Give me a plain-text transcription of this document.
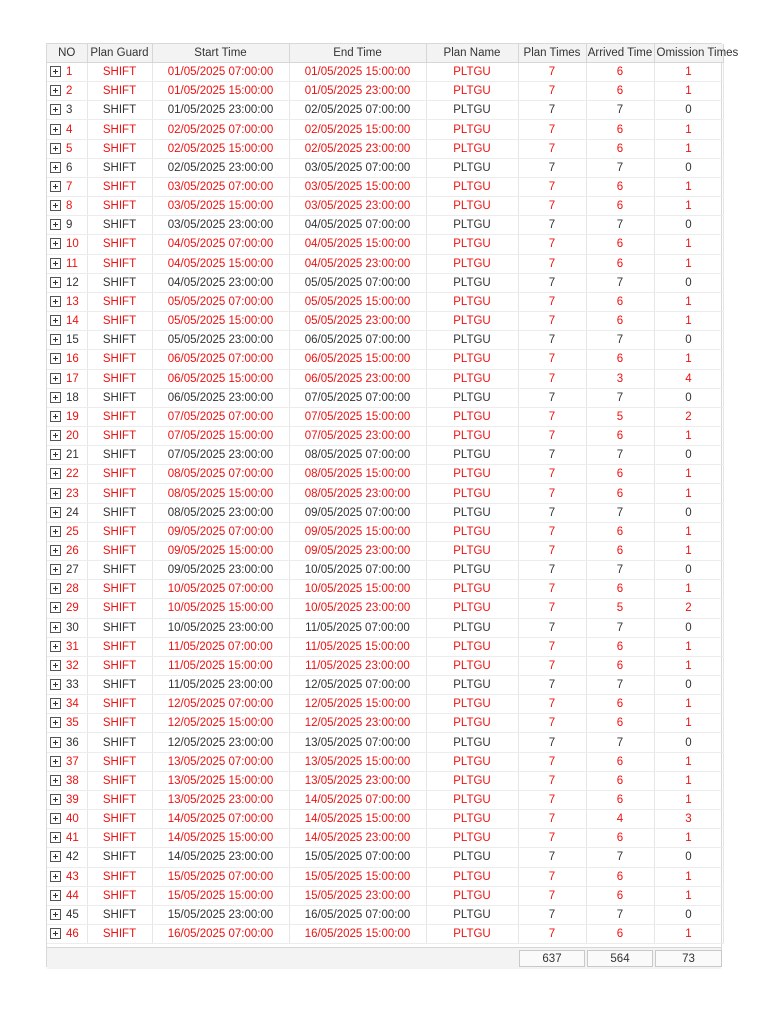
NO	Plan Guard	Start Time	End Time	Plan Name	Plan Times	Arrived Time	Omission Times
1	SHIFT	01/05/2025 07:00:00	01/05/2025 15:00:00	PLTGU	7	6	1
2	SHIFT	01/05/2025 15:00:00	01/05/2025 23:00:00	PLTGU	7	6	1
3	SHIFT	01/05/2025 23:00:00	02/05/2025 07:00:00	PLTGU	7	7	0
4	SHIFT	02/05/2025 07:00:00	02/05/2025 15:00:00	PLTGU	7	6	1
5	SHIFT	02/05/2025 15:00:00	02/05/2025 23:00:00	PLTGU	7	6	1
6	SHIFT	02/05/2025 23:00:00	03/05/2025 07:00:00	PLTGU	7	7	0
7	SHIFT	03/05/2025 07:00:00	03/05/2025 15:00:00	PLTGU	7	6	1
8	SHIFT	03/05/2025 15:00:00	03/05/2025 23:00:00	PLTGU	7	6	1
9	SHIFT	03/05/2025 23:00:00	04/05/2025 07:00:00	PLTGU	7	7	0
10	SHIFT	04/05/2025 07:00:00	04/05/2025 15:00:00	PLTGU	7	6	1
11	SHIFT	04/05/2025 15:00:00	04/05/2025 23:00:00	PLTGU	7	6	1
12	SHIFT	04/05/2025 23:00:00	05/05/2025 07:00:00	PLTGU	7	7	0
13	SHIFT	05/05/2025 07:00:00	05/05/2025 15:00:00	PLTGU	7	6	1
14	SHIFT	05/05/2025 15:00:00	05/05/2025 23:00:00	PLTGU	7	6	1
15	SHIFT	05/05/2025 23:00:00	06/05/2025 07:00:00	PLTGU	7	7	0
16	SHIFT	06/05/2025 07:00:00	06/05/2025 15:00:00	PLTGU	7	6	1
17	SHIFT	06/05/2025 15:00:00	06/05/2025 23:00:00	PLTGU	7	3	4
18	SHIFT	06/05/2025 23:00:00	07/05/2025 07:00:00	PLTGU	7	7	0
19	SHIFT	07/05/2025 07:00:00	07/05/2025 15:00:00	PLTGU	7	5	2
20	SHIFT	07/05/2025 15:00:00	07/05/2025 23:00:00	PLTGU	7	6	1
21	SHIFT	07/05/2025 23:00:00	08/05/2025 07:00:00	PLTGU	7	7	0
22	SHIFT	08/05/2025 07:00:00	08/05/2025 15:00:00	PLTGU	7	6	1
23	SHIFT	08/05/2025 15:00:00	08/05/2025 23:00:00	PLTGU	7	6	1
24	SHIFT	08/05/2025 23:00:00	09/05/2025 07:00:00	PLTGU	7	7	0
25	SHIFT	09/05/2025 07:00:00	09/05/2025 15:00:00	PLTGU	7	6	1
26	SHIFT	09/05/2025 15:00:00	09/05/2025 23:00:00	PLTGU	7	6	1
27	SHIFT	09/05/2025 23:00:00	10/05/2025 07:00:00	PLTGU	7	7	0
28	SHIFT	10/05/2025 07:00:00	10/05/2025 15:00:00	PLTGU	7	6	1
29	SHIFT	10/05/2025 15:00:00	10/05/2025 23:00:00	PLTGU	7	5	2
30	SHIFT	10/05/2025 23:00:00	11/05/2025 07:00:00	PLTGU	7	7	0
31	SHIFT	11/05/2025 07:00:00	11/05/2025 15:00:00	PLTGU	7	6	1
32	SHIFT	11/05/2025 15:00:00	11/05/2025 23:00:00	PLTGU	7	6	1
33	SHIFT	11/05/2025 23:00:00	12/05/2025 07:00:00	PLTGU	7	7	0
34	SHIFT	12/05/2025 07:00:00	12/05/2025 15:00:00	PLTGU	7	6	1
35	SHIFT	12/05/2025 15:00:00	12/05/2025 23:00:00	PLTGU	7	6	1
36	SHIFT	12/05/2025 23:00:00	13/05/2025 07:00:00	PLTGU	7	7	0
37	SHIFT	13/05/2025 07:00:00	13/05/2025 15:00:00	PLTGU	7	6	1
38	SHIFT	13/05/2025 15:00:00	13/05/2025 23:00:00	PLTGU	7	6	1
39	SHIFT	13/05/2025 23:00:00	14/05/2025 07:00:00	PLTGU	7	6	1
40	SHIFT	14/05/2025 07:00:00	14/05/2025 15:00:00	PLTGU	7	4	3
41	SHIFT	14/05/2025 15:00:00	14/05/2025 23:00:00	PLTGU	7	6	1
42	SHIFT	14/05/2025 23:00:00	15/05/2025 07:00:00	PLTGU	7	7	0
43	SHIFT	15/05/2025 07:00:00	15/05/2025 15:00:00	PLTGU	7	6	1
44	SHIFT	15/05/2025 15:00:00	15/05/2025 23:00:00	PLTGU	7	6	1
45	SHIFT	15/05/2025 23:00:00	16/05/2025 07:00:00	PLTGU	7	7	0
46	SHIFT	16/05/2025 07:00:00	16/05/2025 15:00:00	PLTGU	7	6	1
637	564	73
